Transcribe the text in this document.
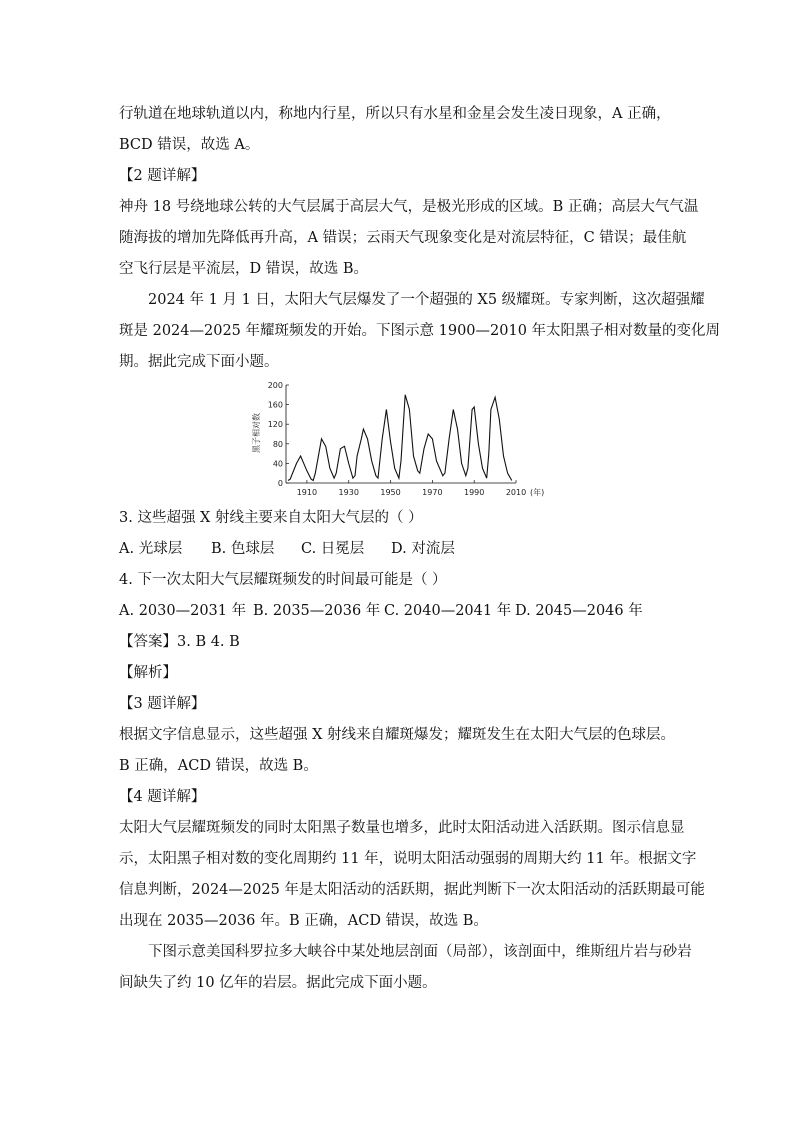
行轨道在地球轨道以内，称地内行星，所以只有水星和金星会发生凌日现象，A 正确，
BCD 错误，故选 A。
【2 题详解】
神舟 18 号绕地球公转的大气层属于高层大气，是极光形成的区域。B 正确；高层大气气温
随海拔的增加先降低再升高，A 错误；云雨天气现象变化是对流层特征，C 错误；最佳航
空飞行层是平流层，D 错误，故选 B。
2024 年 1 月 1 日，太阳大气层爆发了一个超强的 X5 级耀斑。专家判断，这次超强耀
斑是 2024—2025 年耀斑频发的开始。下图示意 1900—2010 年太阳黑子相对数量的变化周
期。据此完成下面小题。
0
40
80
120
160
200
1910	1930	1950	1970	1990	2010
黑子相对数
(年)
3. 这些超强 X 射线主要来自太阳大气层的（ ）
A. 光球层 B. 色球层 C. 日冕层 D. 对流层
4. 下一次太阳大气层耀斑频发的时间最可能是（ ）
A. 2030—2031 年 B. 2035—2036 年 C. 2040—2041 年 D. 2045—2046 年
【答案】3. B 4. B
【解析】
【3 题详解】
根据文字信息显示，这些超强 X 射线来自耀斑爆发；耀斑发生在太阳大气层的色球层。
B 正确，ACD 错误，故选 B。
【4 题详解】
太阳大气层耀斑频发的同时太阳黑子数量也增多，此时太阳活动进入活跃期。图示信息显
示，太阳黑子相对数的变化周期约 11 年，说明太阳活动强弱的周期大约 11 年。根据文字
信息判断，2024—2025 年是太阳活动的活跃期，据此判断下一次太阳活动的活跃期最可能
出现在 2035—2036 年。B 正确，ACD 错误，故选 B。
下图示意美国科罗拉多大峡谷中某处地层剖面（局部），该剖面中，维斯纽片岩与砂岩
间缺失了约 10 亿年的岩层。据此完成下面小题。
